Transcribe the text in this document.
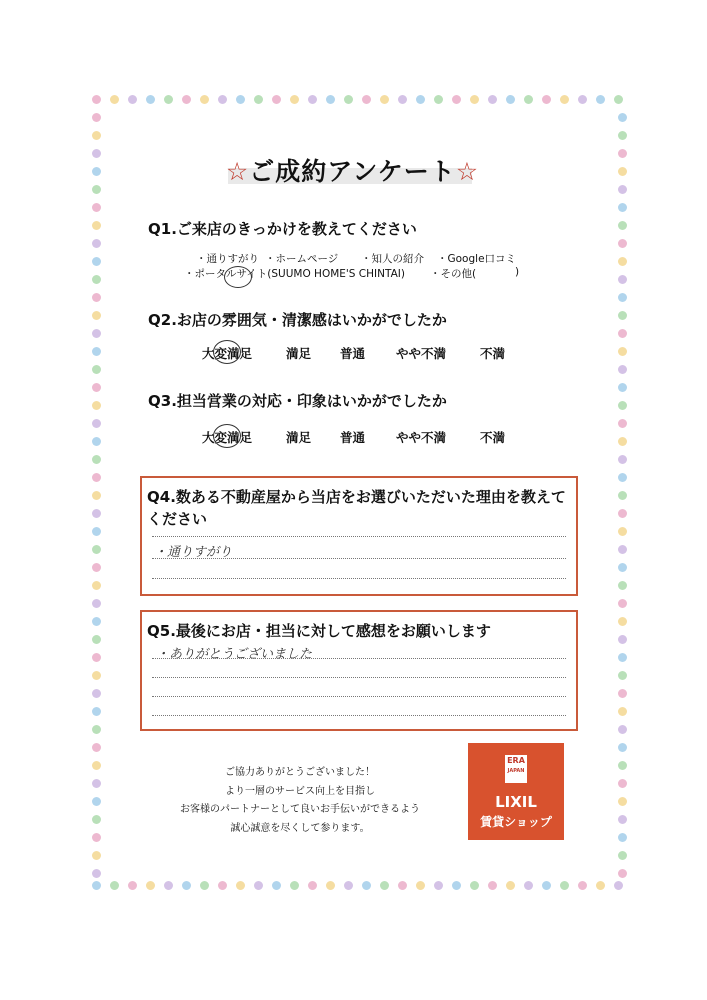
☆ご成約アンケート☆
Q1.ご来店のきっかけを教えてください
・通りすがり ・ホームページ ・知人の紹介 ・Google口コミ
・ポータルサイト(SUUMO HOME'S CHINTAI) ・その他(	)
Q2.お店の雰囲気・清潔感はいかがでしたか
大変満足	満足 普通 やや不満	不満
Q3.担当営業の対応・印象はいかがでしたか
大変満足	満足 普通 やや不満	不満
Q4.数ある不動産屋から当店をお選びいただいた理由を教えて
ください
・通りすがり
Q5.最後にお店・担当に対して感想をお願いします
・ありがとうございました
ご協力ありがとうございました！
より一層のサービス向上を目指し
お客様のパートナーとして良いお手伝いができるよう
誠心誠意を尽くして参ります。
ERA
JAPAN
LIXIL
賃貸ショップ
